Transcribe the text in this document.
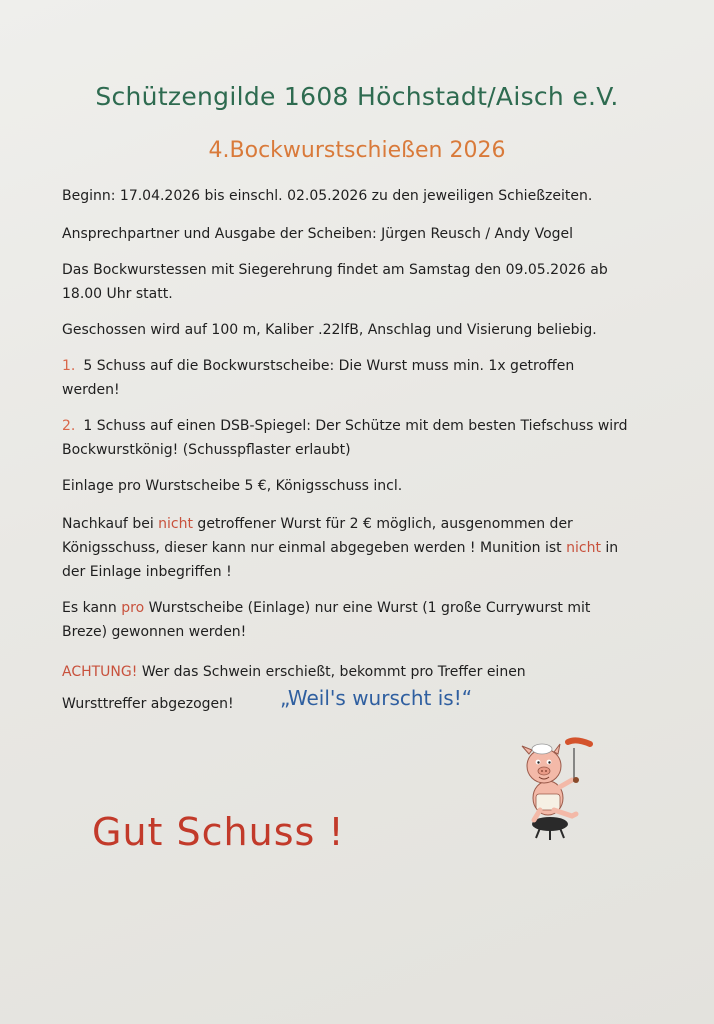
Schützengilde 1608 Höchstadt/Aisch e.V.
4.Bockwurstschießen 2026
Beginn: 17.04.2026 bis einschl. 02.05.2026 zu den jeweiligen Schießzeiten.
Ansprechpartner und Ausgabe der Scheiben: Jürgen Reusch / Andy Vogel
Das Bockwurstessen mit Siegerehrung findet am Samstag den 09.05.2026 ab 18.00 Uhr statt.
Geschossen wird auf 100 m, Kaliber .22lfB, Anschlag und Visierung beliebig.
1. 5 Schuss auf die Bockwurstscheibe: Die Wurst muss min. 1x getroffen werden!
2. 1 Schuss auf einen DSB-Spiegel: Der Schütze mit dem besten Tiefschuss wird Bockwurstkönig! (Schusspflaster erlaubt)
Einlage pro Wurstscheibe 5 €, Königsschuss incl.
Nachkauf bei nicht getroffener Wurst für 2 € möglich, ausgenommen der Königsschuss, dieser kann nur einmal abgegeben werden ! Munition ist nicht in der Einlage inbegriffen !
Es kann pro Wurstscheibe (Einlage) nur eine Wurst (1 große Currywurst mit Breze) gewonnen werden!
ACHTUNG! Wer das Schwein erschießt, bekommt pro Treffer einen Wursttreffer abgezogen!	„Weil's wurscht is!“
Gut Schuss !
